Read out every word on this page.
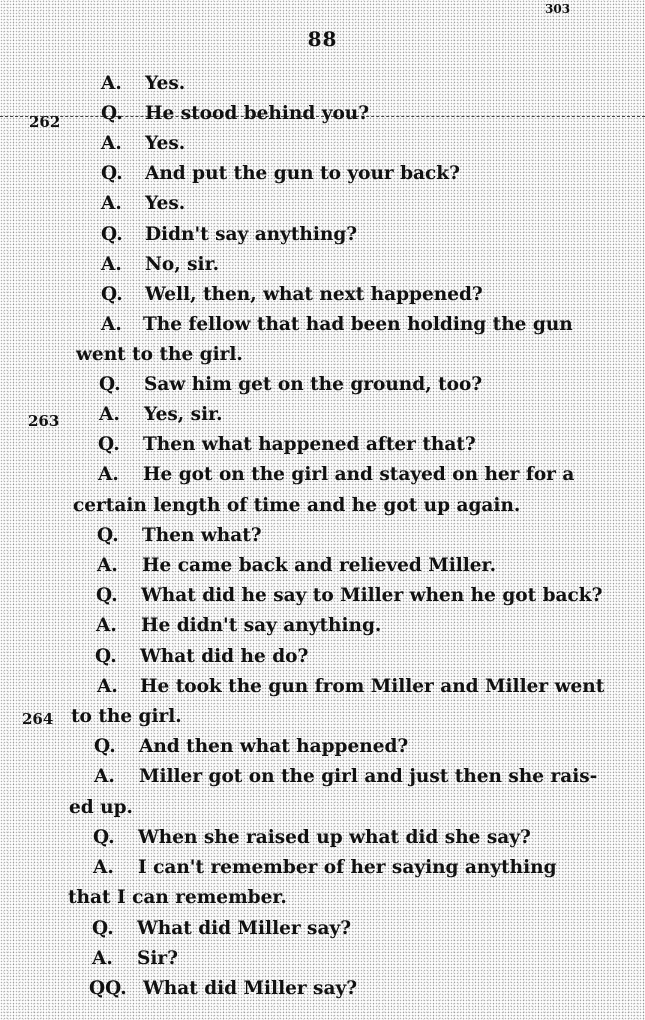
303
88
262
263
264
A. Yes.
Q. He stood behind you?
A. Yes.
Q. And put the gun to your back?
A. Yes.
Q. Didn't say anything?
A. No, sir.
Q. Well, then, what next happened?
A. The fellow that had been holding the gun
went to the girl.
Q. Saw him get on the ground, too?
A. Yes, sir.
Q. Then what happened after that?
A. He got on the girl and stayed on her for a
certain length of time and he got up again.
Q. Then what?
A. He came back and relieved Miller.
Q. What did he say to Miller when he got back?
A. He didn't say anything.
Q. What did he do?
A. He took the gun from Miller and Miller went
to the girl.
Q. And then what happened?
A. Miller got on the girl and just then she rais-
ed up.
Q. When she raised up what did she say?
A. I can't remember of her saying anything
that I can remember.
Q. What did Miller say?
A. Sir?
QQ. What did Miller say?
